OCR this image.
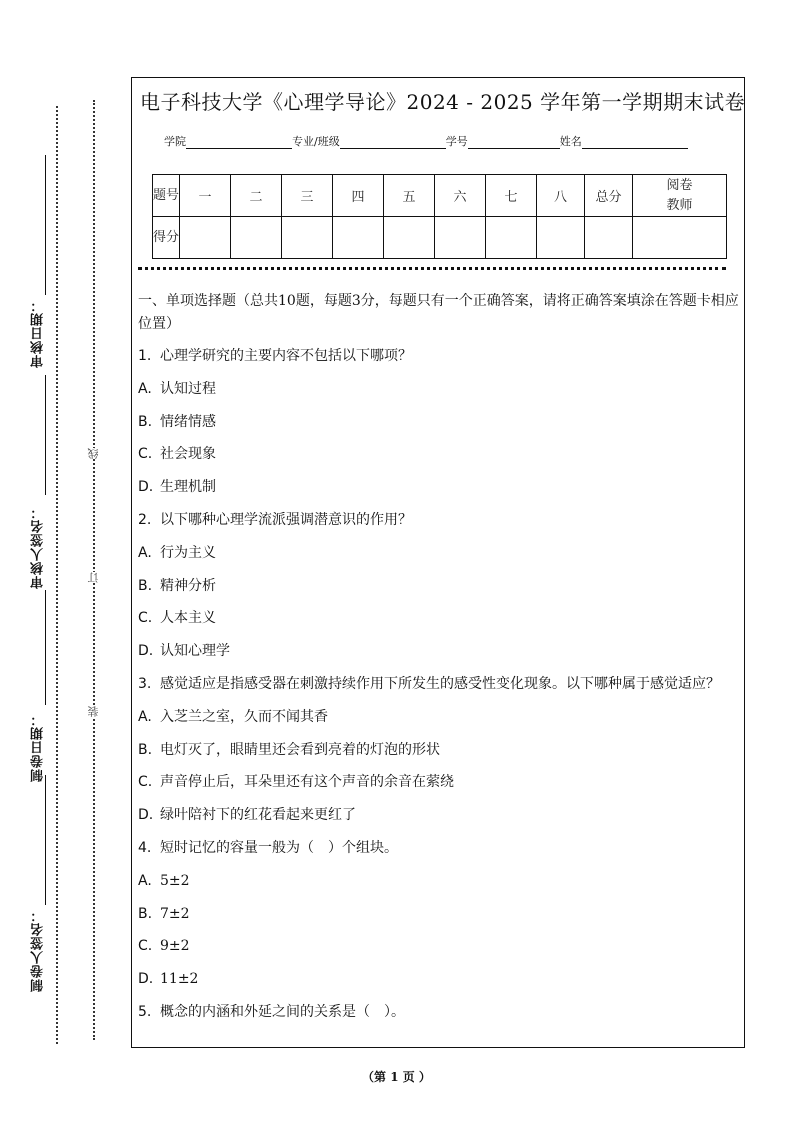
审核日期：
审核人签名：
制卷日期：
制卷人签名：
线
订
装
电子科技大学《心理学导论》2024 - 2025 学年第一学期期末试卷
学院	专业/班级	学号	姓名
题号	一	二	三	四	五	六	七	八	总分	阅卷教师
得分										

一、单项选择题（总共10题，每题3分，每题只有一个正确答案，请将正确答案填涂在答题卡相应位置）

1. 心理学研究的主要内容不包括以下哪项？

A. 认知过程

B. 情绪情感

C. 社会现象

D. 生理机制

2. 以下哪种心理学流派强调潜意识的作用？

A. 行为主义

B. 精神分析

C. 人本主义

D. 认知心理学

3. 感觉适应是指感受器在刺激持续作用下所发生的感受性变化现象。以下哪种属于感觉适应？

A. 入芝兰之室，久而不闻其香

B. 电灯灭了，眼睛里还会看到亮着的灯泡的形状

C. 声音停止后，耳朵里还有这个声音的余音在萦绕

D. 绿叶陪衬下的红花看起来更红了

4. 短时记忆的容量一般为（　）个组块。

A. 5±2

B. 7±2

C. 9±2

D. 11±2

5. 概念的内涵和外延之间的关系是（　）。

（第 1 页 ）
